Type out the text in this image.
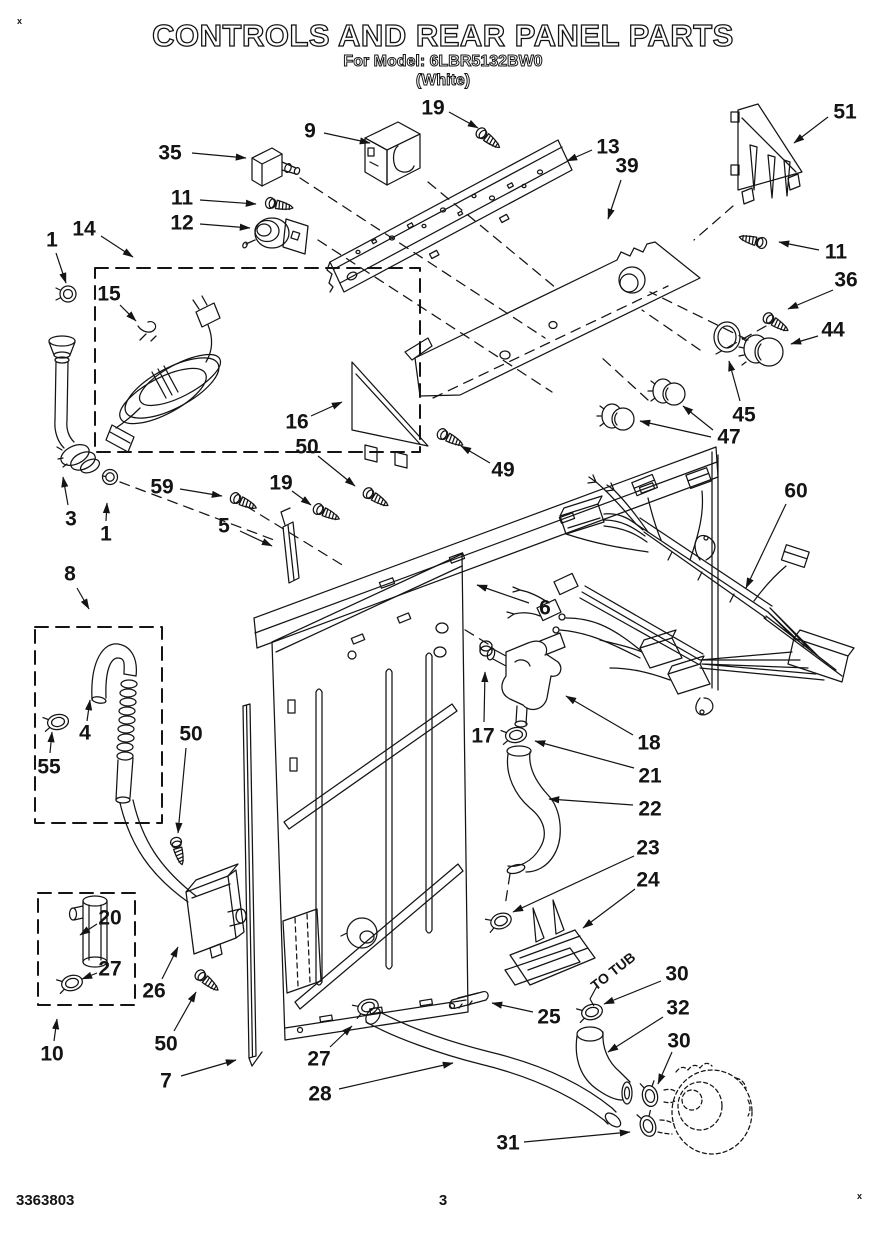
CONTROLS AND REAR PANEL PARTS
For Model: 6LBR5132BW0
(White)
3363803	3
x
x
35
9
19
13
39
51
11
36
44
45
47
11
12
1 14
15
3
1
59	19
5
16
50
49
8
4
55
50
20
27
10
26
50
7
27
28
31
25
23
24
30
32
30
60
6
17	18
21
22
TO TUB
